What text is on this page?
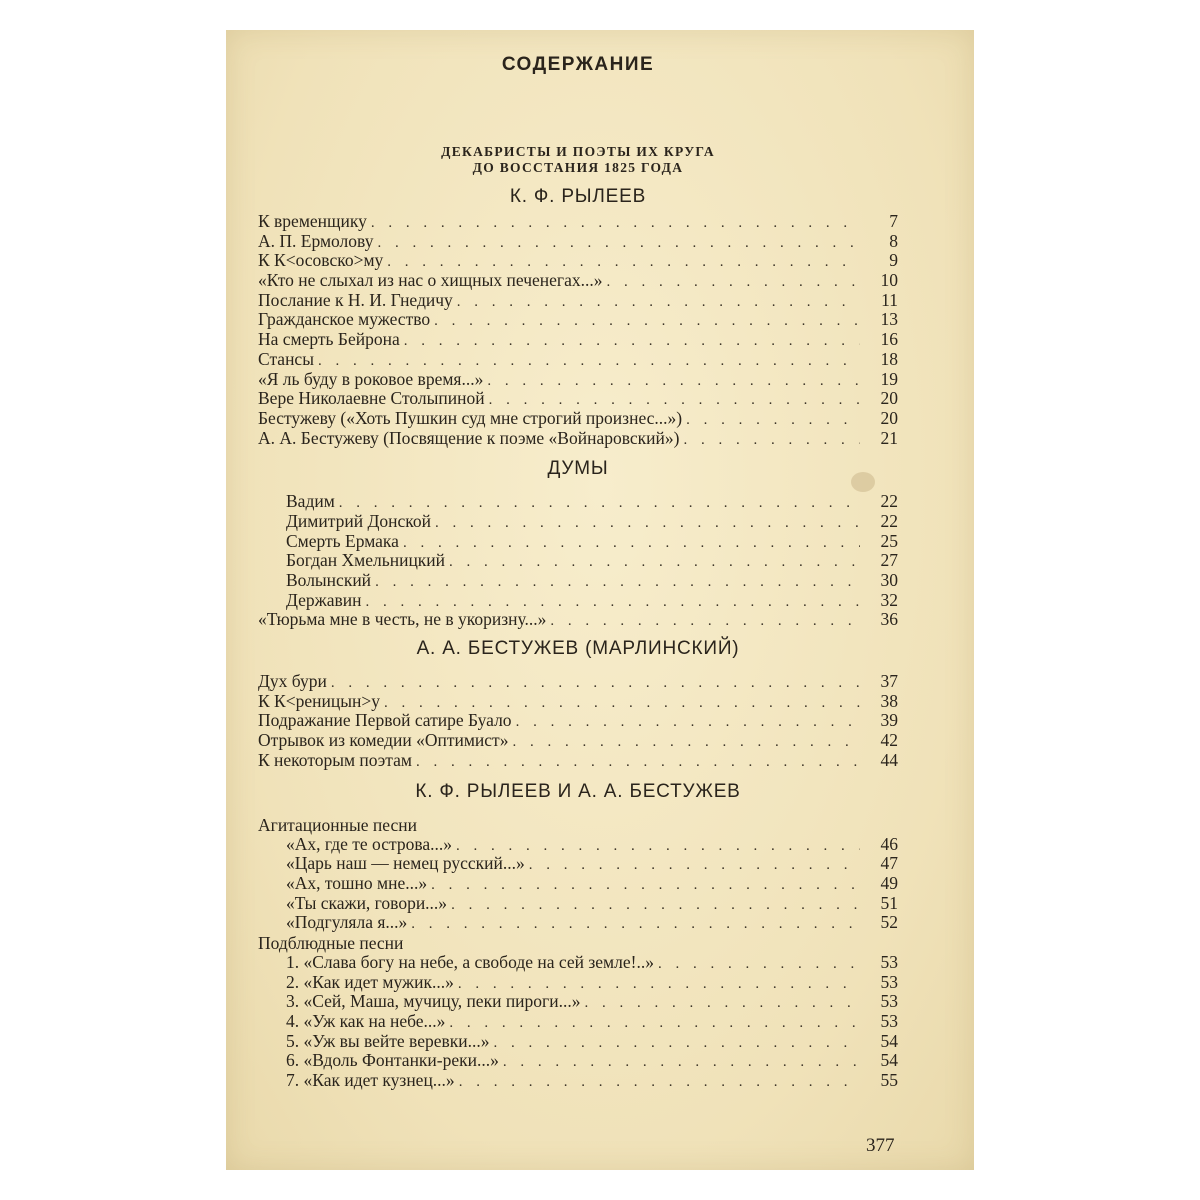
СОДЕРЖАНИЕ
ДЕКАБРИСТЫ И ПОЭТЫ ИХ КРУГА
ДО ВОССТАНИЯ 1825 ГОДА
К. Ф. РЫЛЕЕВ
К временщику . . .	7
А. П. Ермолову . . .	8
К К<осовско>му . . .	9
«Кто не слыхал из нас о хищных печенегах...» . . .	10
Послание к Н. И. Гнедичу . . .	11
Гражданское мужество . . .	13
На смерть Бейрона . . .	16
Стансы . . .	18
«Я ль буду в роковое время...» . . .	19
Вере Николаевне Столыпиной . . .	20
Бестужеву («Хоть Пушкин суд мне строгий произнес...») . . .	20
А. А. Бестужеву (Посвящение к поэме «Войнаровский») . . .	21
ДУМЫ
Вадим . . .	22
Димитрий Донской . . .	22
Смерть Ермака . . .	25
Богдан Хмельницкий . . .	27
Волынский . . .	30
Державин . . .	32
«Тюрьма мне в честь, не в укоризну...» . . .	36
А. А. БЕСТУЖЕВ (МАРЛИНСКИЙ)
Дух бури . . .	37
К К<реницын>у . . .	38
Подражание Первой сатире Буало . . .	39
Отрывок из комедии «Оптимист» . . .	42
К некоторым поэтам . . .	44
К. Ф. РЫЛЕЕВ И А. А. БЕСТУЖЕВ
Агитационные песни
«Ах, где те острова...» . . .	46
«Царь наш — немец русский...» . . .	47
«Ах, тошно мне...» . . .	49
«Ты скажи, говори...» . . .	51
«Подгуляла я...» . . .	52
Подблюдные песни
1. «Слава богу на небе, а свободе на сей земле!..» . . .	53
2. «Как идет мужик...» . . .	53
3. «Сей, Маша, мучицу, пеки пироги...» . . .	53
4. «Уж как на небе...» . . .	53
5. «Уж вы вейте веревки...» . . .	54
6. «Вдоль Фонтанки-реки...» . . .	54
7. «Как идет кузнец...» . . .	55
377
